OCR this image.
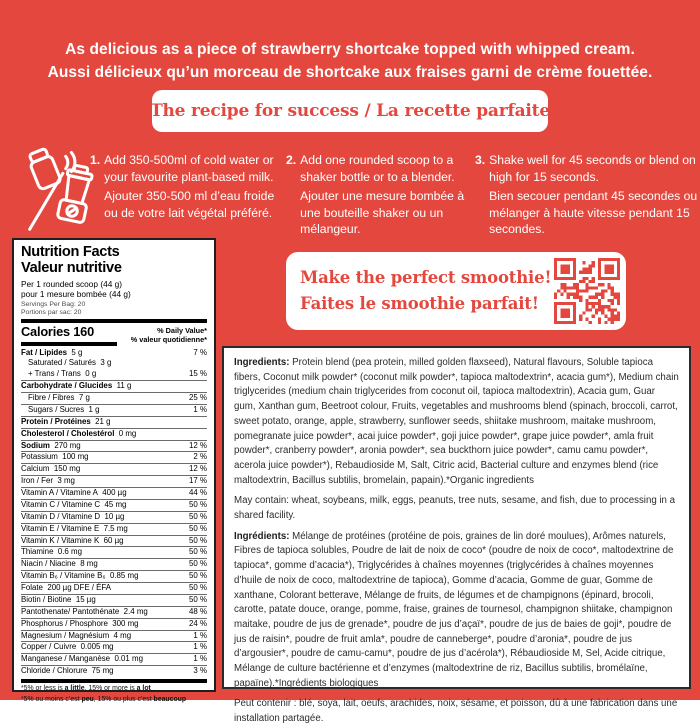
As delicious as a piece of strawberry shortcake topped with whipped cream.
Aussi délicieux qu’un morceau de shortcake aux fraises garni de crème fouettée.
The recipe for success / La recette parfaite
1. Add 350-500ml of cold water or your favourite plant-based milk.

Ajouter 350-500 ml d’eau froide ou de votre lait végétal préféré.

2. Add one rounded scoop to a shaker bottle or to a blender.

Ajouter une mesure bombée à une bouteille shaker ou un mélangeur.

3. Shake well for 45 seconds or blend on high for 15 seconds.

Bien secouer pendant 45 secondes ou mélanger à haute vitesse pendant 15 secondes.

Nutrition Facts
Valeur nutritive
Per 1 rounded scoop (44 g)
pour 1 mesure bombée (44 g)
Servings Per Bag: 20
Portions par sac: 20
Calories 160	% Daily Value*
% valeur quotidienne*
Fat / Lipides  5 g	7 %
Saturated / Saturés  3 g
+ Trans / Trans  0 g	15 %
Carbohydrate / Glucides  11 g
Fibre / Fibres  7 g	25 %
Sugars / Sucres  1 g	1 %
Protein / Protéines  21 g
Cholesterol / Cholestérol  0 mg
Sodium  270 mg	12 %
Potassium  100 mg	2 %
Calcium  150 mg	12 %
Iron / Fer  3 mg	17 %
Vitamin A / Vitamine A  400 µg	44 %
Vitamin C / Vitamine C  45 mg	50 %
Vitamin D / Vitamine D  10 µg	50 %
Vitamin E / Vitamine E  7.5 mg	50 %
Vitamin K / Vitamine K  60 µg	50 %
Thiamine  0.6 mg	50 %
Niacin / Niacine  8 mg	50 %
Vitamin B₆ / Vitamine B₆  0.85 mg	50 %
Folate  200 µg DFE / ÉFA	50 %
Biotin / Biotine  15 µg	50 %
Pantothenate/ Pantothénate  2.4 mg	48 %
Phosphorus / Phosphore  300 mg	24 %
Magnesium / Magnésium  4 mg	1 %
Copper / Cuivre  0.005 mg	1 %
Manganese / Manganèse  0.01 mg	1 %
Chloride / Chlorure  75 mg	3 %
*5% or less is a little, 15% or more is a lot
*5% ou moins c’est peu, 15% ou plus c’est beaucoup
Make the perfect smoothie!
Faites le smoothie parfait!

Ingredients: Protein blend (pea protein, milled golden flaxseed), Natural flavours, Soluble tapioca fibers, Coconut milk powder* (coconut milk powder*, tapioca maltodextrin*, acacia gum*), Medium chain triglycerides (medium chain triglycerides from coconut oil, tapioca maltodextrin), Acacia gum, Guar gum, Xanthan gum, Beetroot colour, Fruits, vegetables and mushrooms blend (spinach, broccoli, carrot, sweet potato, orange, apple, strawberry, sunflower seeds, shiitake mushroom, maitake mushroom, pomegranate juice powder*, acai juice powder*, goji juice powder*, grape juice powder*, amla fruit powder*, cranberry powder*, aronia powder*, sea buckthorn juice powder*, camu camu powder*, acerola juice powder*), Rebaudioside M, Salt, Citric acid, Bacterial culture and enzymes blend (rice maltodextrin, Bacillus subtilis, bromelain, papain).*Organic ingredients

May contain: wheat, soybeans, milk, eggs, peanuts, tree nuts, sesame, and fish, due to processing in a shared facility.

Ingrédients: Mélange de protéines (protéine de pois, graines de lin doré moulues), Arômes naturels, Fibres de tapioca solubles, Poudre de lait de noix de coco* (poudre de noix de coco*, maltodextrine de tapioca*, gomme d’acacia*), Triglycérides à chaînes moyennes (triglycérides à chaînes moyennes d’huile de noix de coco, maltodextrine de tapioca), Gomme d’acacia, Gomme de guar, Gomme de xanthane, Colorant betterave, Mélange de fruits, de légumes et de champignons (épinard, brocoli, carotte, patate douce, orange, pomme, fraise, graines de tournesol, champignon shiitake, champignon maitake, poudre de jus de grenade*, poudre de jus d’açaï*, poudre de jus de baies de goji*, poudre de jus de raisin*, poudre de fruit amla*, poudre de canneberge*, poudre d’aronia*, poudre de jus d’argousier*, poudre de camu-camu*, poudre de jus d’acérola*), Rébaudioside M, Sel, Acide citrique, Mélange de culture bactérienne et d’enzymes (maltodextrine de riz, Bacillus subtilis, bromélaïne, papaïne).*Ingrédients biologiques

Peut contenir : blé, soya, lait, oeufs, arachides, noix, sésame, et poisson, dû à une fabrication dans une installation partagée.
